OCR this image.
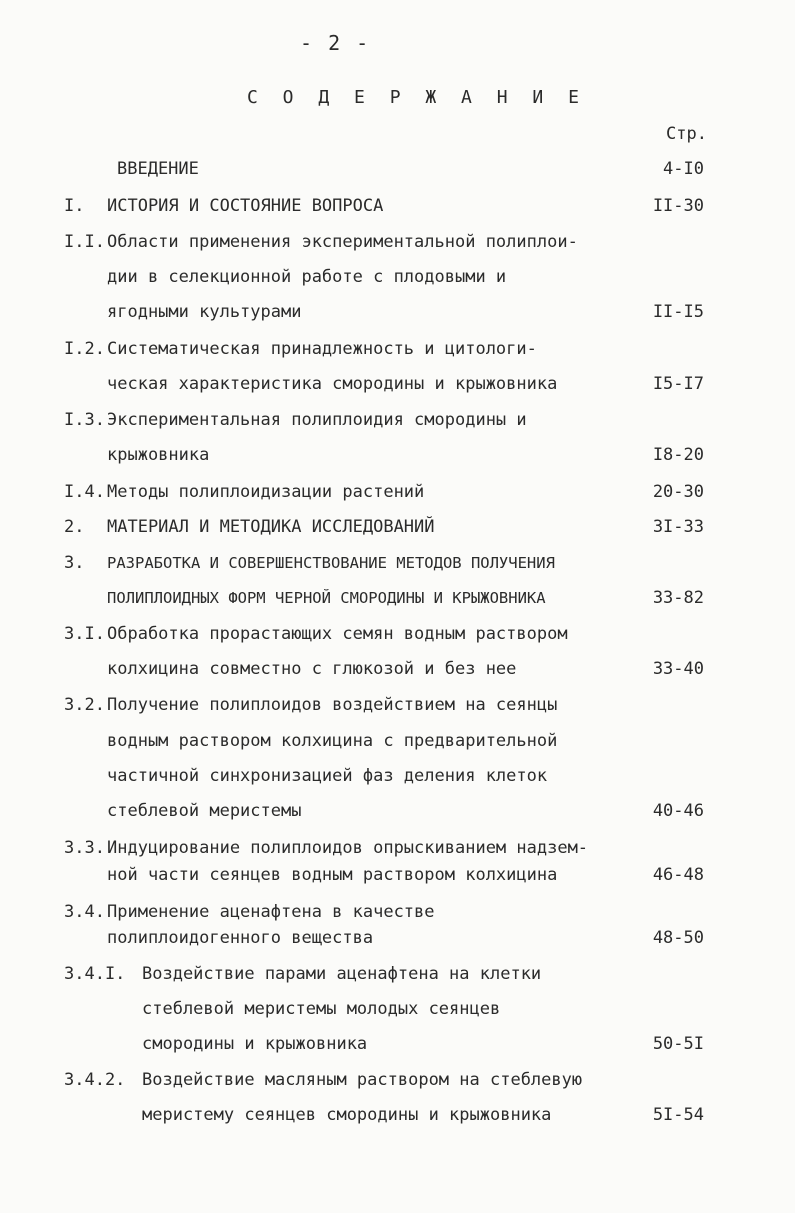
- 2 -
С О Д Е Р Ж А Н И Е
Стр.
ВВЕДЕНИЕ	4-I0
I. ИСТОРИЯ И СОСТОЯНИЕ ВОПРОСА	II-30
I.I. Области применения экспериментальной полиплои-
дии в селекционной работе с плодовыми и
ягодными культурами	II-I5
I.2. Систематическая принадлежность и цитологи-
ческая характеристика смородины и крыжовника	I5-I7
I.3. Экспериментальная полиплоидия смородины и
крыжовника	I8-20
I.4. Методы полиплоидизации растений	20-30
2. МАТЕРИАЛ И МЕТОДИКА ИССЛЕДОВАНИЙ	3I-33
3. РАЗРАБОТКА И СОВЕРШЕНСТВОВАНИЕ МЕТОДОВ ПОЛУЧЕНИЯ
ПОЛИПЛОИДНЫХ ФОРМ ЧЕРНОЙ СМОРОДИНЫ И КРЫЖОВНИКА	33-82
3.I. Обработка прорастающих семян водным раствором
колхицина совместно с глюкозой и без нее	33-40
3.2. Получение полиплоидов воздействием на сеянцы
водным раствором колхицина с предварительной
частичной синхронизацией фаз деления клеток
стеблевой меристемы	40-46
3.3. Индуцирование полиплоидов опрыскиванием надзем-
ной части сеянцев водным раствором колхицина	46-48
3.4. Применение аценафтена в качестве
полиплоидогенного вещества	48-50
3.4.I. Воздействие парами аценафтена на клетки
стеблевой меристемы молодых сеянцев
смородины и крыжовника	50-5I
3.4.2. Воздействие масляным раствором на стеблевую
меристему сеянцев смородины и крыжовника	5I-54
